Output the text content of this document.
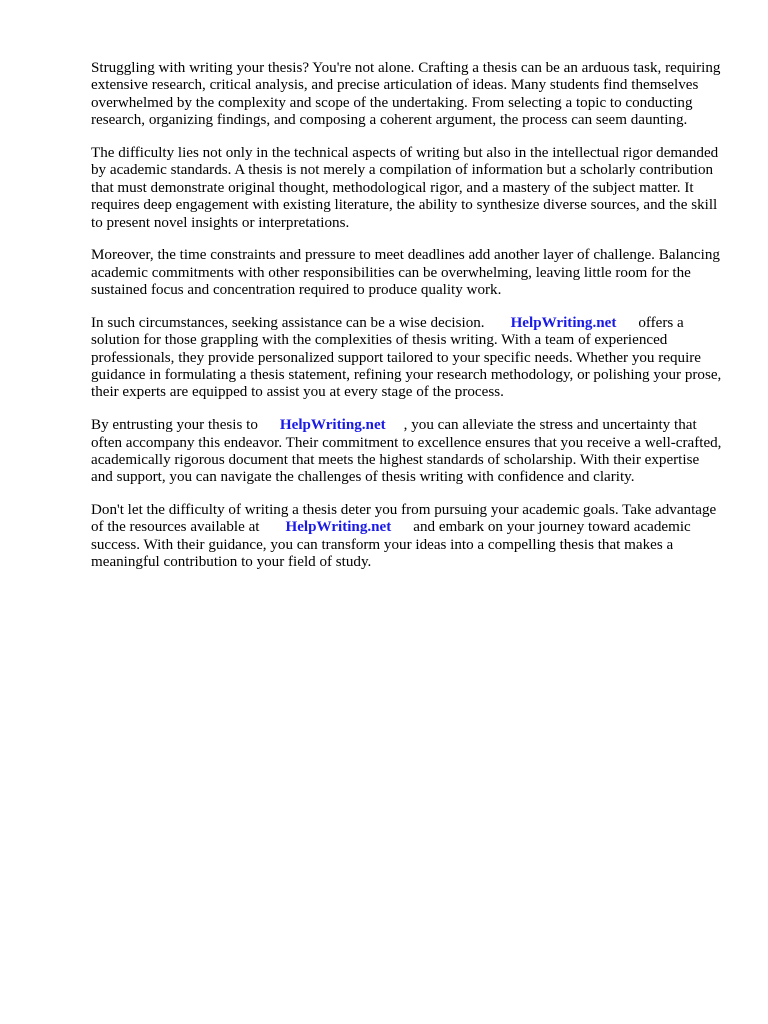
Struggling with writing your thesis? You're not alone. Crafting a thesis can be an arduous task, requiring extensive research, critical analysis, and precise articulation of ideas. Many students find themselves overwhelmed by the complexity and scope of the undertaking. From selecting a topic to conducting research, organizing findings, and composing a coherent argument, the process can seem daunting.

The difficulty lies not only in the technical aspects of writing but also in the intellectual rigor demanded by academic standards. A thesis is not merely a compilation of information but a scholarly contribution that must demonstrate original thought, methodological rigor, and a mastery of the subject matter. It requires deep engagement with existing literature, the ability to synthesize diverse sources, and the skill to present novel insights or interpretations.

Moreover, the time constraints and pressure to meet deadlines add another layer of challenge. Balancing academic commitments with other responsibilities can be overwhelming, leaving little room for the sustained focus and concentration required to produce quality work.

In such circumstances, seeking assistance can be a wise decision. HelpWriting.net offers a solution for those grappling with the complexities of thesis writing. With a team of experienced professionals, they provide personalized support tailored to your specific needs. Whether you require guidance in formulating a thesis statement, refining your research methodology, or polishing your prose, their experts are equipped to assist you at every stage of the process.

By entrusting your thesis to HelpWriting.net , you can alleviate the stress and uncertainty that often accompany this endeavor. Their commitment to excellence ensures that you receive a well-crafted, academically rigorous document that meets the highest standards of scholarship. With their expertise and support, you can navigate the challenges of thesis writing with confidence and clarity.

Don't let the difficulty of writing a thesis deter you from pursuing your academic goals. Take advantage of the resources available at HelpWriting.net and embark on your journey toward academic success. With their guidance, you can transform your ideas into a compelling thesis that makes a meaningful contribution to your field of study.
